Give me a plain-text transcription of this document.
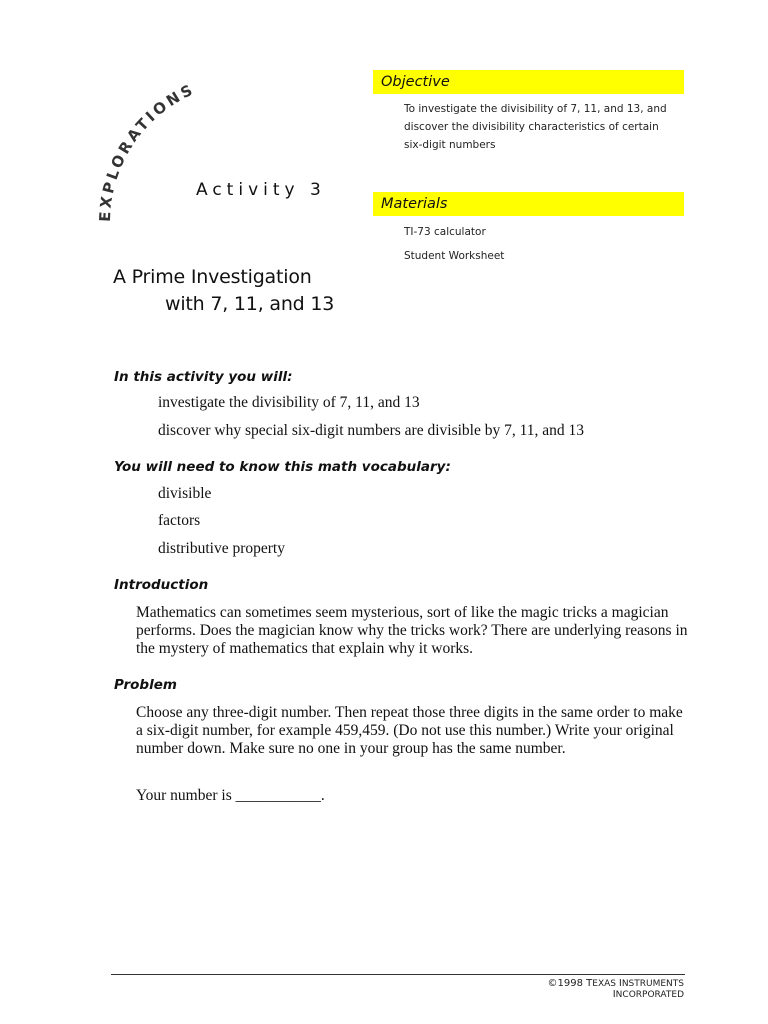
EXPLORATIONS
Activity 3
A Prime Investigation
with 7, 11, and 13
Objective
To investigate the divisibility of 7, 11, and 13, and discover the divisibility characteristics of certain six-digit numbers
Materials
TI-73 calculator
Student Worksheet
In this activity you will:
investigate the divisibility of 7, 11, and 13
discover why special six-digit numbers are divisible by 7, 11, and 13
You will need to know this math vocabulary:
divisible
factors
distributive property
Introduction
Mathematics can sometimes seem mysterious, sort of like the magic tricks a magician performs. Does the magician know why the tricks work? There are underlying reasons in the mystery of mathematics that explain why it works.
Problem
Choose any three-digit number. Then repeat those three digits in the same order to make a six-digit number, for example 459,459. (Do not use this number.) Write your original number down. Make sure no one in your group has the same number.
Your number is ___________.
©1998 TEXAS INSTRUMENTS INCORPORATED
